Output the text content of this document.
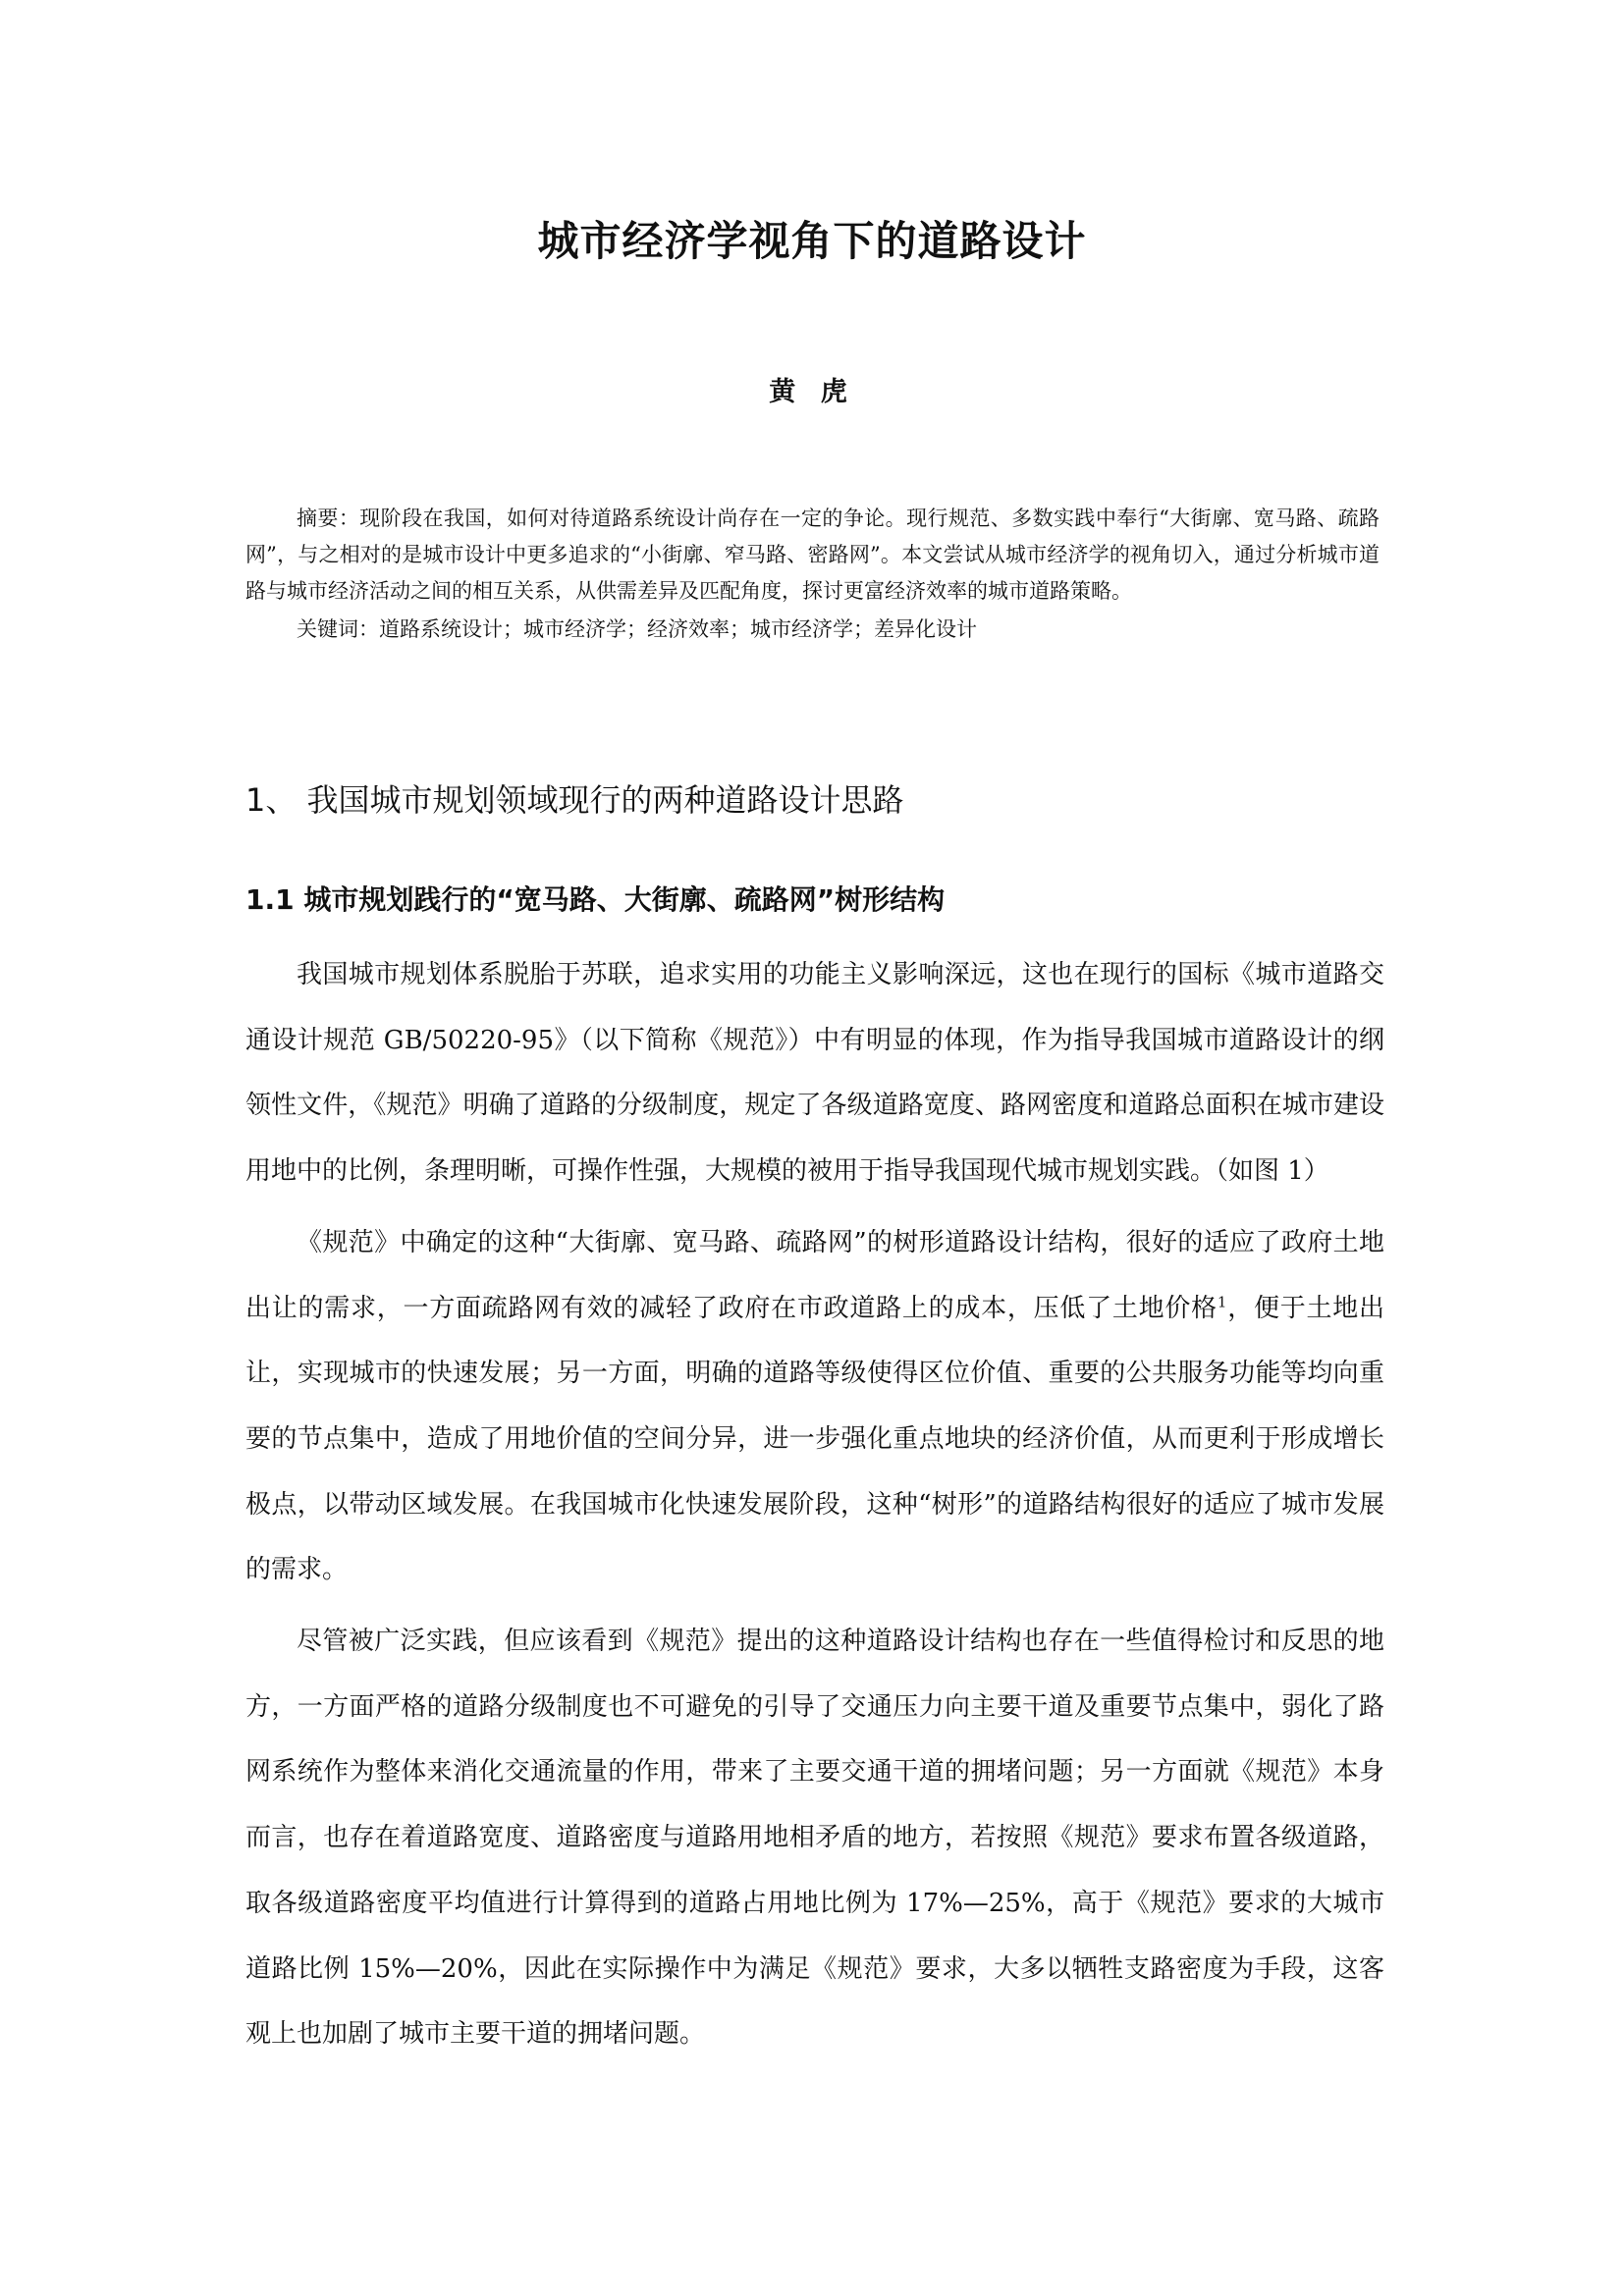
城市经济学视角下的道路设计
黄 虎

摘要：现阶段在我国，如何对待道路系统设计尚存在一定的争论。现行规范、多数实践中奉行“大街廓、宽马路、疏路网”，与之相对的是城市设计中更多追求的“小街廓、窄马路、密路网”。本文尝试从城市经济学的视角切入，通过分析城市道路与城市经济活动之间的相互关系，从供需差异及匹配角度，探讨更富经济效率的城市道路策略。

关键词：道路系统设计；城市经济学；经济效率；城市经济学；差异化设计

1、 我国城市规划领域现行的两种道路设计思路
1.1 城市规划践行的“宽马路、大街廓、疏路网”树形结构

我国城市规划体系脱胎于苏联，追求实用的功能主义影响深远，这也在现行的国标《城市道路交通设计规范 GB/50220-95》（以下简称《规范》）中有明显的体现，作为指导我国城市道路设计的纲领性文件，《规范》明确了道路的分级制度，规定了各级道路宽度、路网密度和道路总面积在城市建设用地中的比例，条理明晰，可操作性强，大规模的被用于指导我国现代城市规划实践。（如图 1）

《规范》中确定的这种“大街廓、宽马路、疏路网”的树形道路设计结构，很好的适应了政府土地出让的需求，一方面疏路网有效的减轻了政府在市政道路上的成本，压低了土地价格$^1$，便于土地出让，实现城市的快速发展；另一方面，明确的道路等级使得区位价值、重要的公共服务功能等均向重要的节点集中，造成了用地价值的空间分异，进一步强化重点地块的经济价值，从而更利于形成增长极点，以带动区域发展。在我国城市化快速发展阶段，这种“树形”的道路结构很好的适应了城市发展的需求。

尽管被广泛实践，但应该看到《规范》提出的这种道路设计结构也存在一些值得检讨和反思的地方，一方面严格的道路分级制度也不可避免的引导了交通压力向主要干道及重要节点集中，弱化了路网系统作为整体来消化交通流量的作用，带来了主要交通干道的拥堵问题；另一方面就《规范》本身而言，也存在着道路宽度、道路密度与道路用地相矛盾的地方，若按照《规范》要求布置各级道路，取各级道路密度平均值进行计算得到的道路占用地比例为 17%—25%，高于《规范》要求的大城市道路比例 15%—20%，因此在实际操作中为满足《规范》要求，大多以牺牲支路密度为手段，这客观上也加剧了城市主要干道的拥堵问题。
